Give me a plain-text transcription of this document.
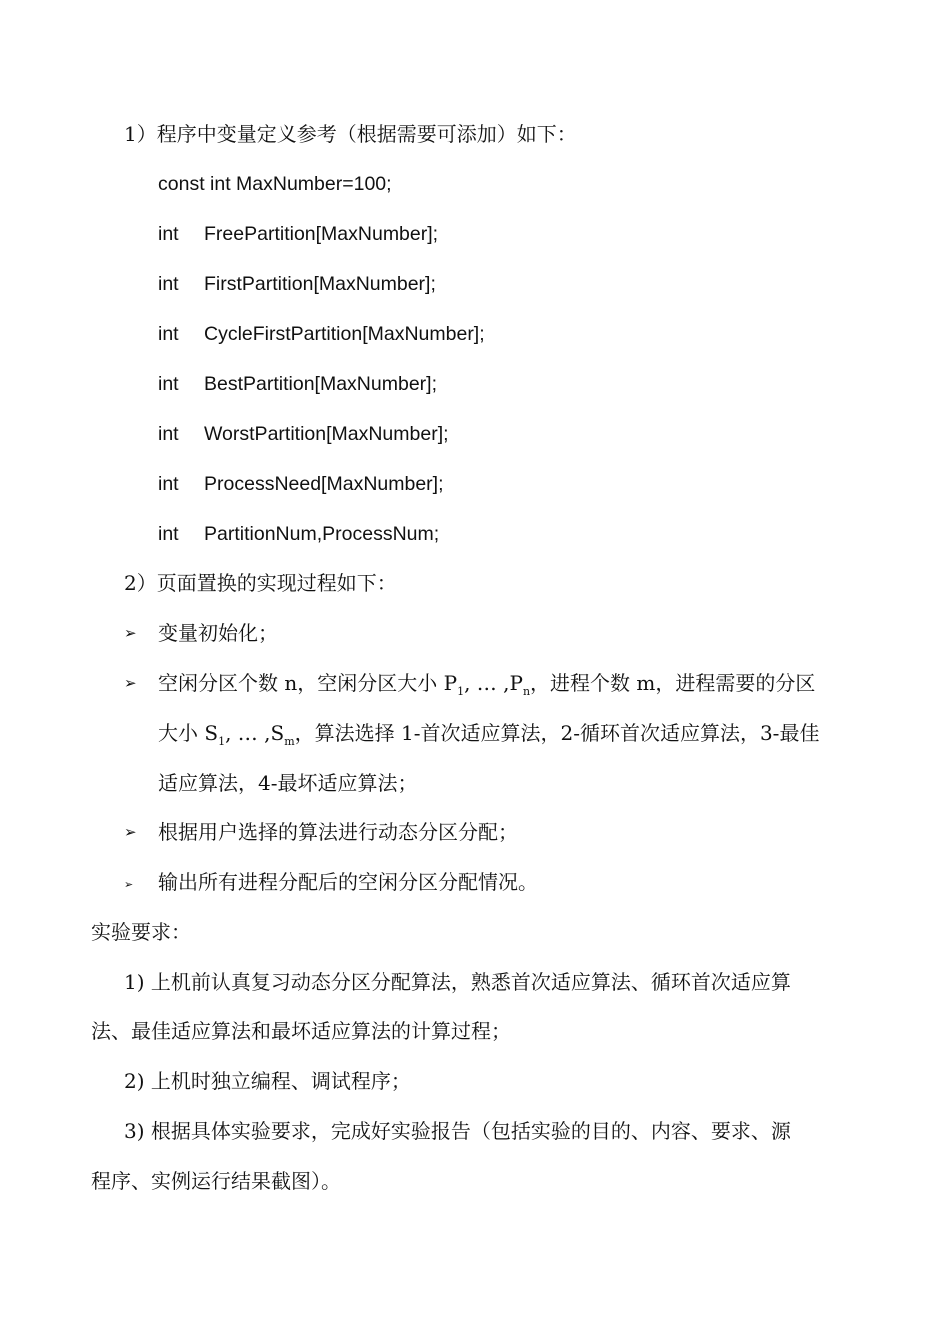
1）程序中变量定义参考（根据需要可添加）如下：
const int MaxNumber=100;
int FreePartition[MaxNumber];
int FirstPartition[MaxNumber];
int CycleFirstPartition[MaxNumber];
int BestPartition[MaxNumber];
int WorstPartition[MaxNumber];
int ProcessNeed[MaxNumber];
int PartitionNum,ProcessNum;
2）页面置换的实现过程如下：
➢ 变量初始化；
➢ 空闲分区个数 n，空闲分区大小 $P_1$, … $,P_n$，进程个数 m，进程需要的分区
大小 $S_1$, … $,S_m$，算法选择 1-首次适应算法，2-循环首次适应算法，3-最佳
适应算法，4-最坏适应算法；
➢ 根据用户选择的算法进行动态分区分配；
➢ 输出所有进程分配后的空闲分区分配情况。
实验要求：
1) 上机前认真复习动态分区分配算法，熟悉首次适应算法、循环首次适应算
法、最佳适应算法和最坏适应算法的计算过程；
2) 上机时独立编程、调试程序；
3) 根据具体实验要求，完成好实验报告（包括实验的目的、内容、要求、源
程序、实例运行结果截图）。
